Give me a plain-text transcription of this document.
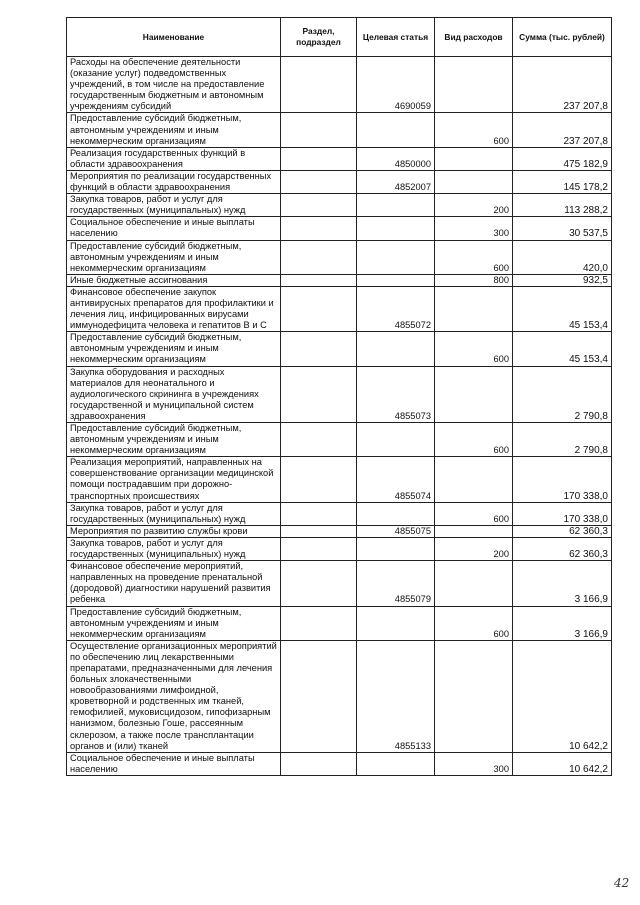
Наименование	Раздел, подраздел	Целевая статья	Вид расходов	Сумма (тыс. рублей)
Расходы на обеспечение деятельности (оказание услуг) подведомственных учреждений, в том числе на предоставление государственным бюджетным и автономным учреждениям субсидий		4690059		237 207,8
Предоставление субсидий бюджетным, автономным учреждениям и иным некоммерческим организациям			600	237 207,8
Реализация государственных функций в области здравоохранения		4850000		475 182,9
Мероприятия по реализации государственных функций в области здравоохранения		4852007		145 178,2
Закупка товаров, работ и услуг для государственных (муниципальных) нужд			200	113 288,2
Социальное обеспечение и иные выплаты населению			300	30 537,5
Предоставление субсидий бюджетным, автономным учреждениям и иным некоммерческим организациям			600	420,0
Иные бюджетные ассигнования			800	932,5
Финансовое обеспечение закупок антивирусных препаратов для профилактики и лечения лиц, инфицированных вирусами иммунодефицита человека и гепатитов В и С		4855072		45 153,4
Предоставление субсидий бюджетным, автономным учреждениям и иным некоммерческим организациям			600	45 153,4
Закупка оборудования и расходных материалов для неонатального и аудиологического скрининга в учреждениях государственной и муниципальной систем здравоохранения		4855073		2 790,8
Предоставление субсидий бюджетным, автономным учреждениям и иным некоммерческим организациям			600	2 790,8
Реализация мероприятий, направленных на совершенствование организации медицинской помощи пострадавшим при дорожно- транспортных происшествиях		4855074		170 338,0
Закупка товаров, работ и услуг для государственных (муниципальных) нужд			600	170 338,0
Мероприятия по развитию службы крови		4855075		62 360,3
Закупка товаров, работ и услуг для государственных (муниципальных) нужд			200	62 360,3
Финансовое обеспечение мероприятий, направленных на проведение пренатальной (дородовой) диагностики нарушений развития ребенка		4855079		3 166,9
Предоставление субсидий бюджетным, автономным учреждениям и иным некоммерческим организациям			600	3 166,9
Осуществление организационных мероприятий по обеспечению лиц лекарственными препаратами, предназначенными для лечения больных злокачественными новообразованиями лимфоидной, кроветворной и родственных им тканей, гемофилией, муковисцидозом, гипофизарным нанизмом, болезнью Гоше, рассеянным склерозом, а также после трансплантации органов и (или) тканей		4855133		10 642,2
Социальное обеспечение и иные выплаты населению			300	10 642,2
42
